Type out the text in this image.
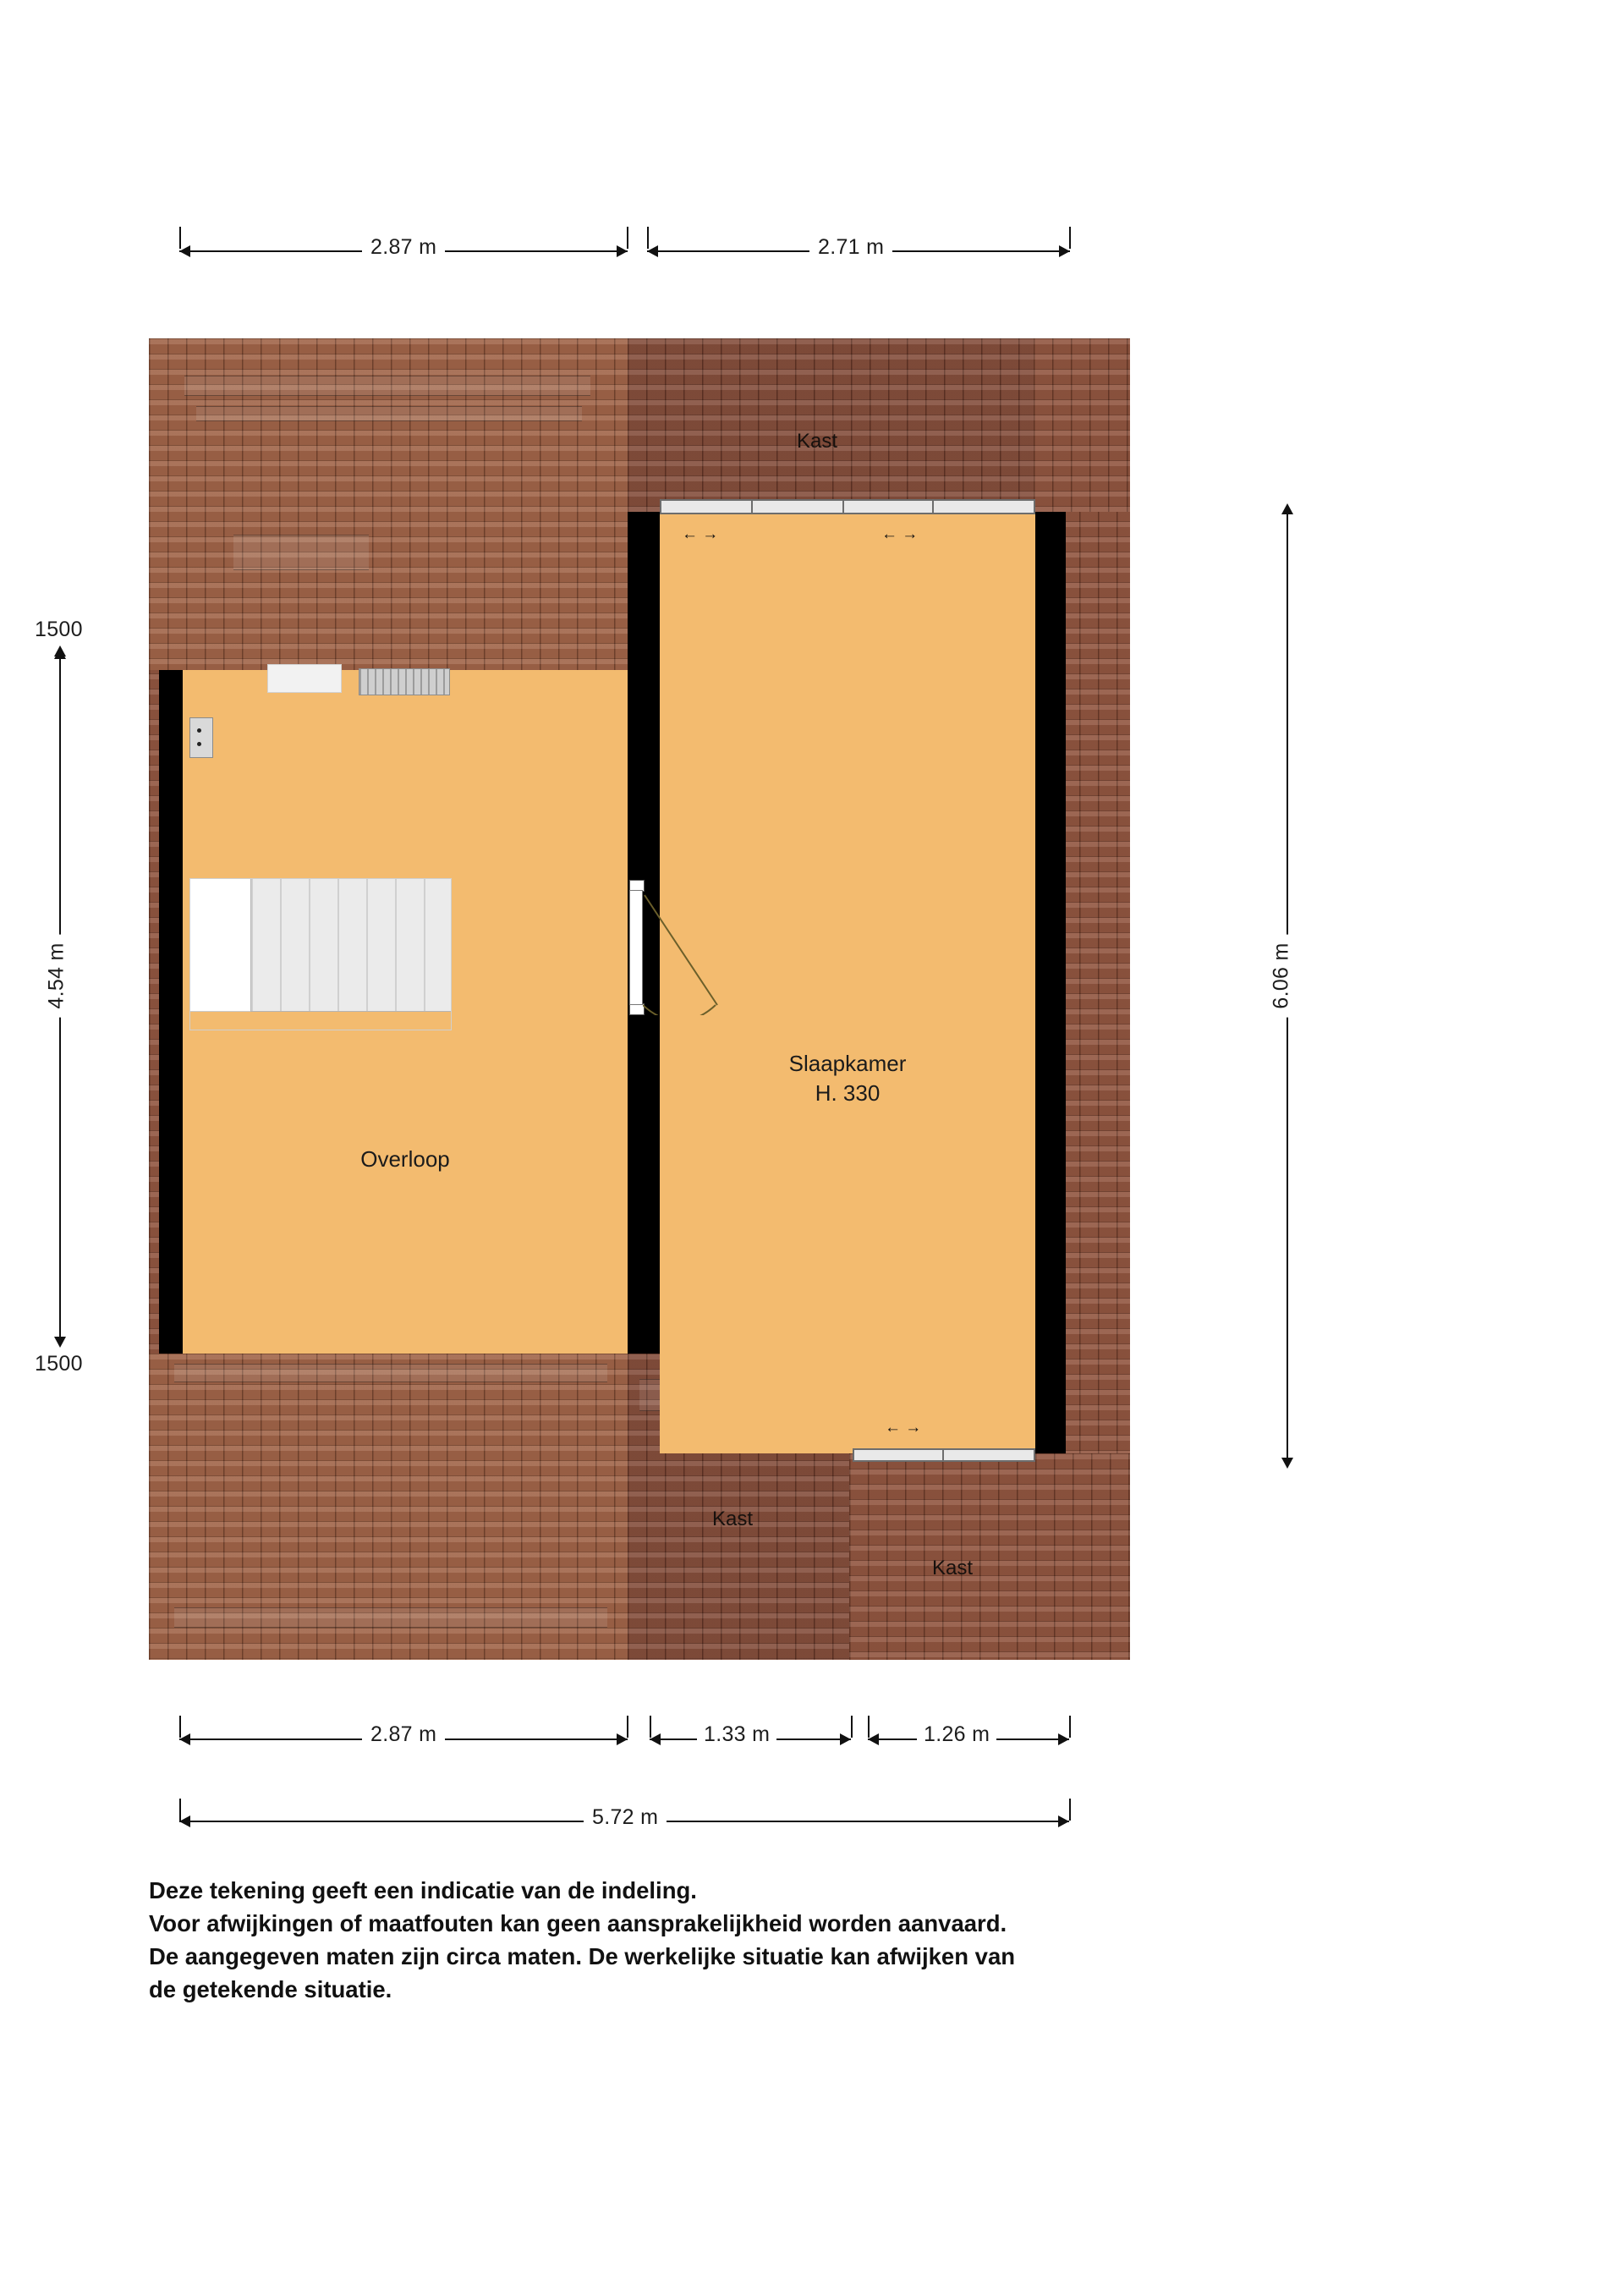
2.87 m	2.71 m
1500
4.54 m
1500
6.06 m
← →	← →
← →
Kast
Kast
Kast
Overloop
Slaapkamer
H. 330
2.87 m	1.33 m	1.26 m
5.72 m
Deze tekening geeft een indicatie van de indeling.
Voor afwijkingen of maatfouten kan geen aansprakelijkheid worden aanvaard.
De aangegeven maten zijn circa maten. De werkelijke situatie kan afwijken van
de getekende situatie.
